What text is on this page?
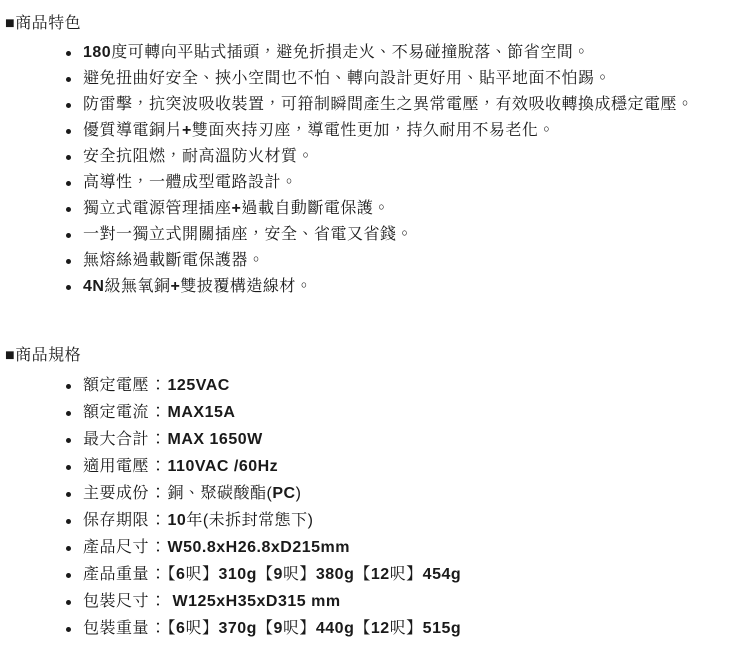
■商品特色
180度可轉向平貼式插頭，避免折損走火、不易碰撞脫落、節省空間。
避免扭曲好安全、挾小空間也不怕、轉向設計更好用、貼平地面不怕踢。
防雷擊，抗突波吸收裝置，可箝制瞬間產生之異常電壓，有效吸收轉換成穩定電壓。
優質導電銅片+雙面夾持刃座，導電性更加，持久耐用不易老化。
安全抗阻燃，耐高溫防火材質。
高導性，一體成型電路設計。
獨立式電源管理插座+過載自動斷電保護。
一對一獨立式開關插座，安全、省電又省錢。
無熔絲過載斷電保護器。
4N級無氧銅+雙披覆構造線材。
■商品規格
額定電壓：125VAC
額定電流：MAX15A
最大合計：MAX 1650W
適用電壓：110VAC /60Hz
主要成份：銅、聚碳酸酯(PC)
保存期限：10年(未拆封常態下)
產品尺寸：W50.8xH26.8xD215mm
產品重量：【6呎】310g【9呎】380g【12呎】454g
包裝尺寸： W125xH35xD315 mm
包裝重量：【6呎】370g【9呎】440g【12呎】515g
